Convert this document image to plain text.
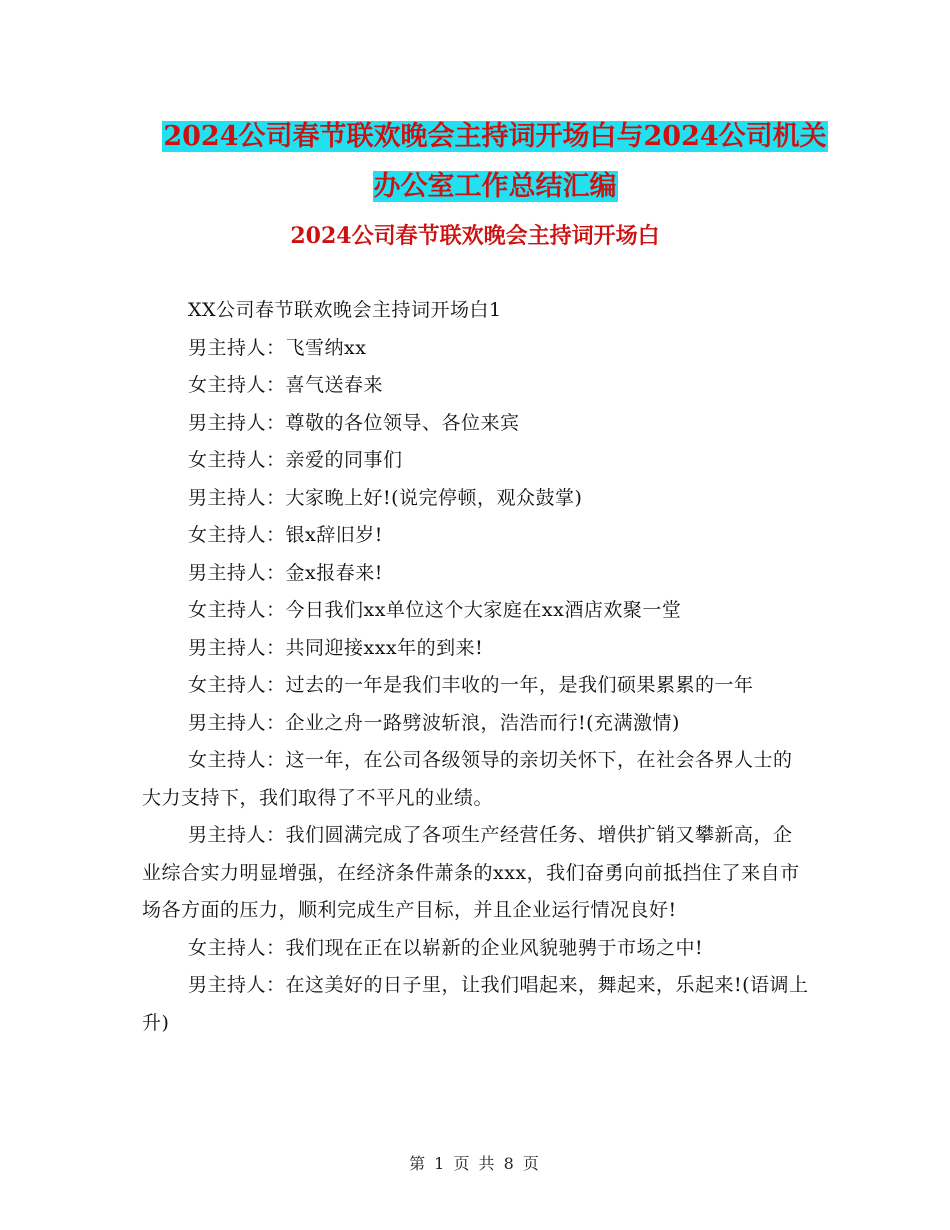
2024公司春节联欢晚会主持词开场白与2024公司机关
办公室工作总结汇编
2024公司春节联欢晚会主持词开场白

XX公司春节联欢晚会主持词开场白1

男主持人：飞雪纳xx

女主持人：喜气送春来

男主持人：尊敬的各位领导、各位来宾

女主持人：亲爱的同事们

男主持人：大家晚上好!(说完停顿，观众鼓掌)

女主持人：银x辞旧岁!

男主持人：金x报春来!

女主持人：今日我们xx单位这个大家庭在xx酒店欢聚一堂

男主持人：共同迎接xxx年的到来!

女主持人：过去的一年是我们丰收的一年，是我们硕果累累的一年

男主持人：企业之舟一路劈波斩浪，浩浩而行!(充满激情)

女主持人：这一年，在公司各级领导的亲切关怀下，在社会各界人士的大力支持下，我们取得了不平凡的业绩。

男主持人：我们圆满完成了各项生产经营任务、增供扩销又攀新高，企业综合实力明显增强，在经济条件萧条的xxx，我们奋勇向前抵挡住了来自市场各方面的压力，顺利完成生产目标，并且企业运行情况良好!

女主持人：我们现在正在以崭新的企业风貌驰骋于市场之中!

男主持人：在这美好的日子里，让我们唱起来，舞起来，乐起来!(语调上升)

第 1 页 共 8 页
